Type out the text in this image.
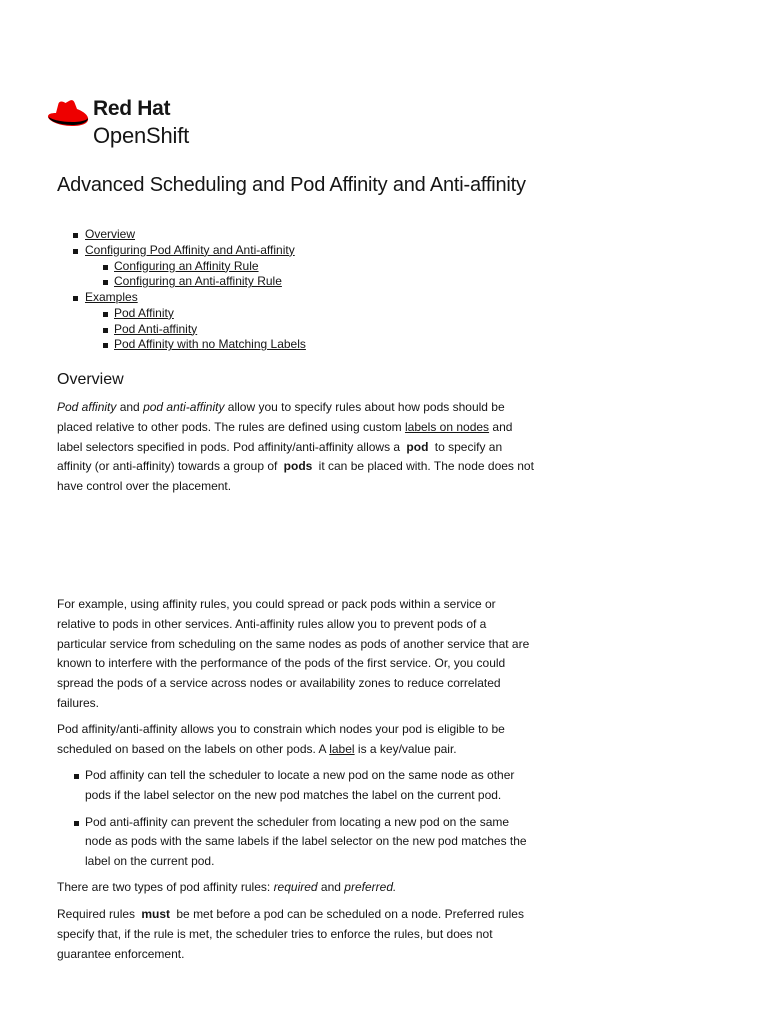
Red Hat
OpenShift
Advanced Scheduling and Pod Affinity and Anti-affinity
Overview
Configuring Pod Affinity and Anti-affinity
Configuring an Affinity Rule
Configuring an Anti-affinity Rule
Examples
Pod Affinity
Pod Anti-affinity
Pod Affinity with no Matching Labels
Overview

Pod affinity and pod anti-affinity allow you to specify rules about how pods should be placed relative to other pods. The rules are defined using custom labels on nodes and label selectors specified in pods. Pod affinity/anti-affinity allows a pod to specify an affinity (or anti-affinity) towards a group of pods it can be placed with. The node does not have control over the placement.

For example, using affinity rules, you could spread or pack pods within a service or relative to pods in other services. Anti-affinity rules allow you to prevent pods of a particular service from scheduling on the same nodes as pods of another service that are known to interfere with the performance of the pods of the first service. Or, you could spread the pods of a service across nodes or availability zones to reduce correlated failures.

Pod affinity/anti-affinity allows you to constrain which nodes your pod is eligible to be scheduled on based on the labels on other pods. A label is a key/value pair.

Pod affinity can tell the scheduler to locate a new pod on the same node as other pods if the label selector on the new pod matches the label on the current pod.
Pod anti-affinity can prevent the scheduler from locating a new pod on the same node as pods with the same labels if the label selector on the new pod matches the label on the current pod.

There are two types of pod affinity rules: required and preferred.

Required rules must be met before a pod can be scheduled on a node. Preferred rules specify that, if the rule is met, the scheduler tries to enforce the rules, but does not guarantee enforcement.
